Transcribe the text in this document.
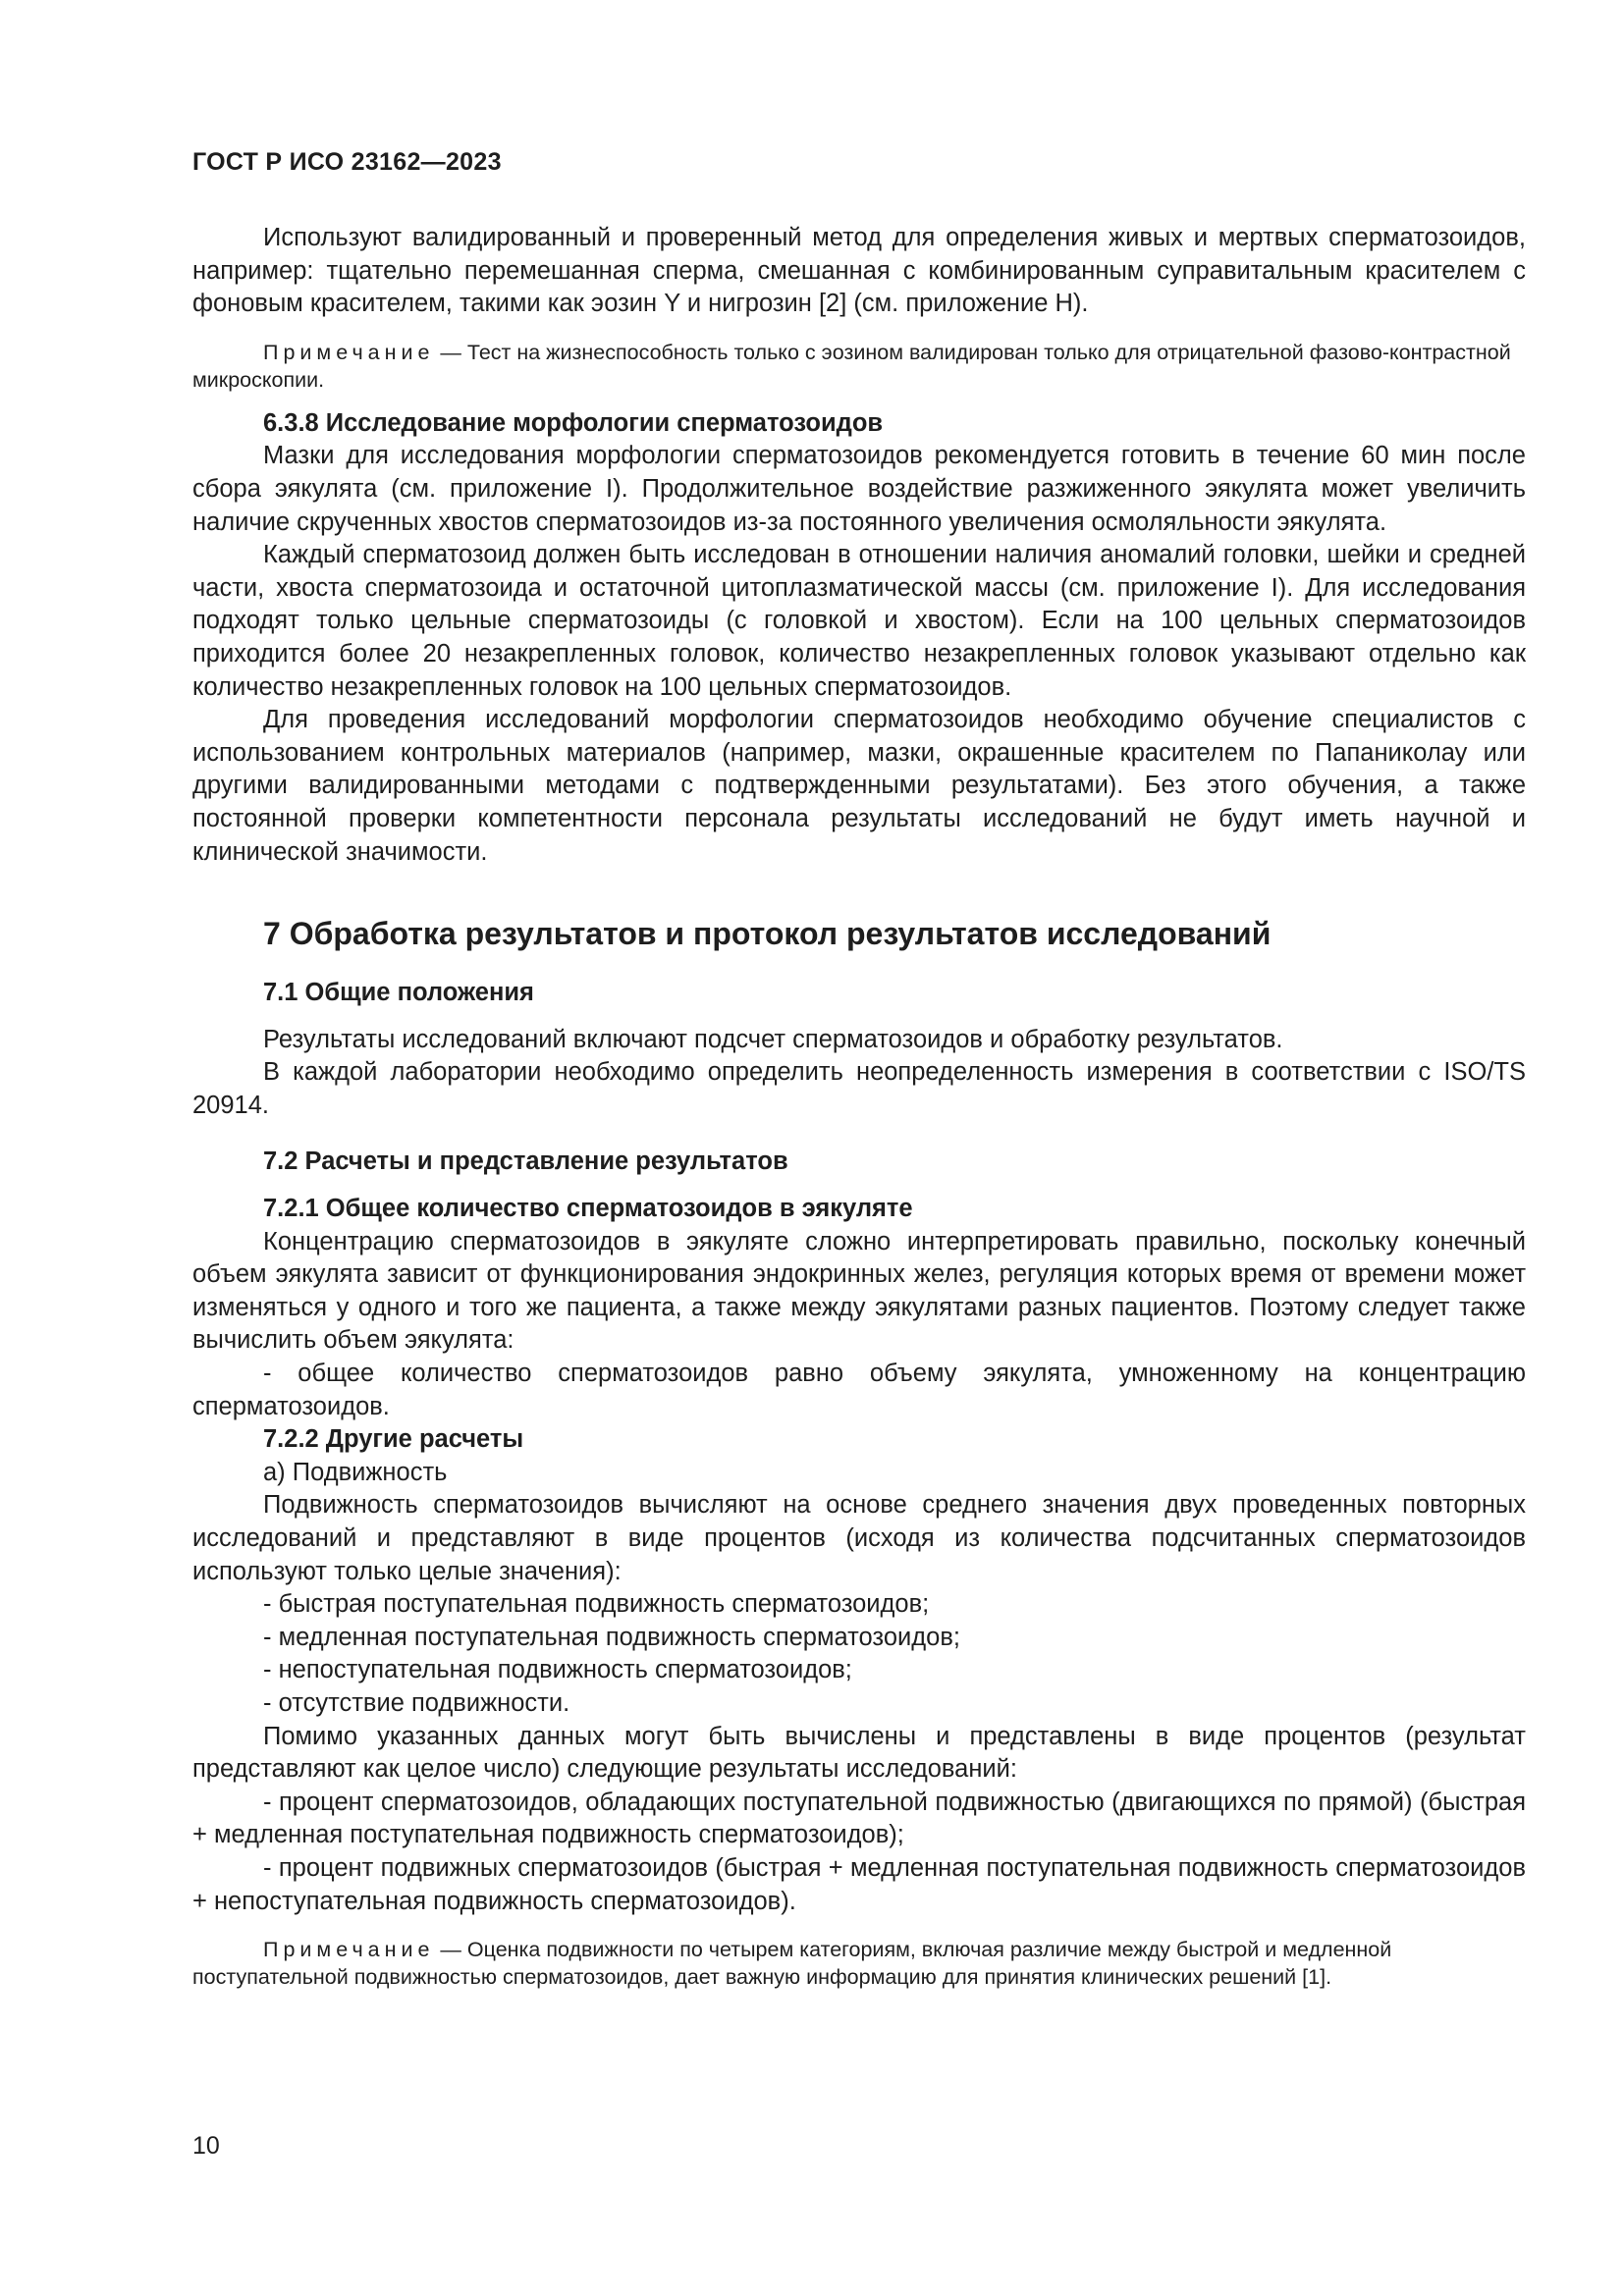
ГОСТ Р ИСО 23162—2023

Используют валидированный и проверенный метод для определения живых и мертвых сперматозоидов, например: тщательно перемешанная сперма, смешанная с комбинированным суправитальным красителем с фоновым красителем, такими как эозин Y и нигрозин [2] (см. приложение Н).

Примечание — Тест на жизнеспособность только с эозином валидирован только для отрицательной фазово-контрастной микроскопии.
6.3.8 Исследование морфологии сперматозоидов

Мазки для исследования морфологии сперматозоидов рекомендуется готовить в течение 60 мин после сбора эякулята (см. приложение I). Продолжительное воздействие разжиженного эякулята может увеличить наличие скрученных хвостов сперматозоидов из-за постоянного увеличения осмоляльности эякулята.

Каждый сперматозоид должен быть исследован в отношении наличия аномалий головки, шейки и средней части, хвоста сперматозоида и остаточной цитоплазматической массы (см. приложение I). Для исследования подходят только цельные сперматозоиды (с головкой и хвостом). Если на 100 цельных сперматозоидов приходится более 20 незакрепленных головок, количество незакрепленных головок указывают отдельно как количество незакрепленных головок на 100 цельных сперматозоидов.

Для проведения исследований морфологии сперматозоидов необходимо обучение специалистов с использованием контрольных материалов (например, мазки, окрашенные красителем по Папаниколау или другими валидированными методами с подтвержденными результатами). Без этого обучения, а также постоянной проверки компетентности персонала результаты исследований не будут иметь научной и клинической значимости.

7 Обработка результатов и протокол результатов исследований
7.1 Общие положения

Результаты исследований включают подсчет сперматозоидов и обработку результатов.

В каждой лаборатории необходимо определить неопределенность измерения в соответствии с ISO/TS 20914.

7.2 Расчеты и представление результатов
7.2.1 Общее количество сперматозоидов в эякуляте

Концентрацию сперматозоидов в эякуляте сложно интерпретировать правильно, поскольку конечный объем эякулята зависит от функционирования эндокринных желез, регуляция которых время от времени может изменяться у одного и того же пациента, а также между эякулятами разных пациентов. Поэтому следует также вычислить объем эякулята:

- общее количество сперматозоидов равно объему эякулята, умноженному на концентрацию сперматозоидов.

7.2.2 Другие расчеты

а) Подвижность

Подвижность сперматозоидов вычисляют на основе среднего значения двух проведенных повторных исследований и представляют в виде процентов (исходя из количества подсчитанных сперматозоидов используют только целые значения):

- быстрая поступательная подвижность сперматозоидов;

- медленная поступательная подвижность сперматозоидов;

- непоступательная подвижность сперматозоидов;

- отсутствие подвижности.

Помимо указанных данных могут быть вычислены и представлены в виде процентов (результат представляют как целое число) следующие результаты исследований:

- процент сперматозоидов, обладающих поступательной подвижностью (двигающихся по прямой) (быстрая + медленная поступательная подвижность сперматозоидов);

- процент подвижных сперматозоидов (быстрая + медленная поступательная подвижность сперматозоидов + непоступательная подвижность сперматозоидов).

Примечание — Оценка подвижности по четырем категориям, включая различие между быстрой и медленной поступательной подвижностью сперматозоидов, дает важную информацию для принятия клинических решений [1].
10
